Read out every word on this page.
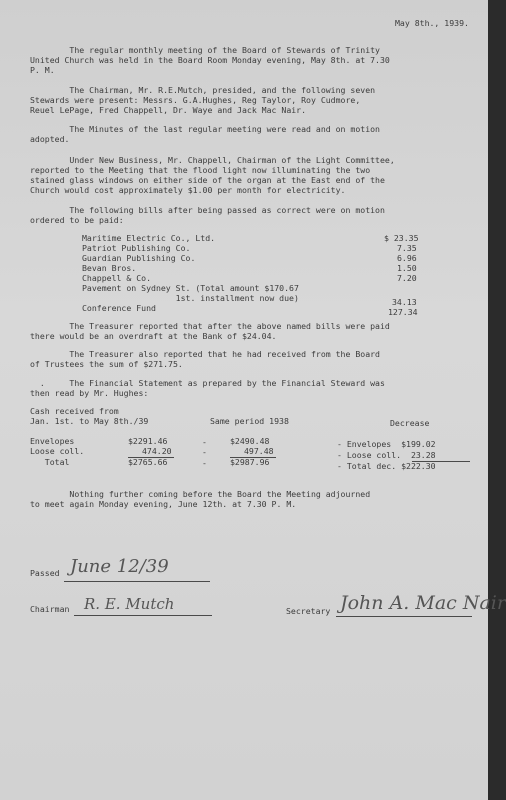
May 8th., 1939.
The regular monthly meeting of the Board of Stewards of Trinity
United Church was held in the Board Room Monday evening, May 8th. at 7.30
P. M.
The Chairman, Mr. R.E.Mutch, presided, and the following seven
Stewards were present: Messrs. G.A.Hughes, Reg Taylor, Roy Cudmore,
Reuel LePage, Fred Chappell, Dr. Waye and Jack Mac Nair.
The Minutes of the last regular meeting were read and on motion
adopted.
Under New Business, Mr. Chappell, Chairman of the Light Committee,
reported to the Meeting that the flood light now illuminating the two
stained glass windows on either side of the organ at the East end of the
Church would cost approximately $1.00 per month for electricity.
The following bills after being passed as correct were on motion
ordered to be paid:
Maritime Electric Co., Ltd.	$ 23.35
Patriot Publishing Co.	7.35
Guardian Publishing Co.	6.96
Bevan Bros.	1.50
Chappell & Co.	7.20
Pavement on Sydney St. (Total amount $170.67
1st. installment now due)	34.13
Conference Fund	127.34
The Treasurer reported that after the above named bills were paid
there would be an overdraft at the Bank of $24.04.
The Treasurer also reported that he had received from the Board
of Trustees the sum of $271.75.
.     The Financial Statement as prepared by the Financial Steward was
then read by Mr. Hughes:
Cash received from
Jan. 1st. to May 8th./39	Same period 1938	Decrease
Envelopes	$2291.46	-	$2490.48	- Envelopes  $199.02
Loose coll.	474.20	-	497.48	- Loose coll.  23.28
Total	$2765.66	-	$2987.96	- Total dec. $222.30
Nothing further coming before the Board the Meeting adjourned
to meet again Monday evening, June 12th. at 7.30 P. M.
Passed June 12/39
Chairman R. E. Mutch	Secretary John A. Mac Nair
